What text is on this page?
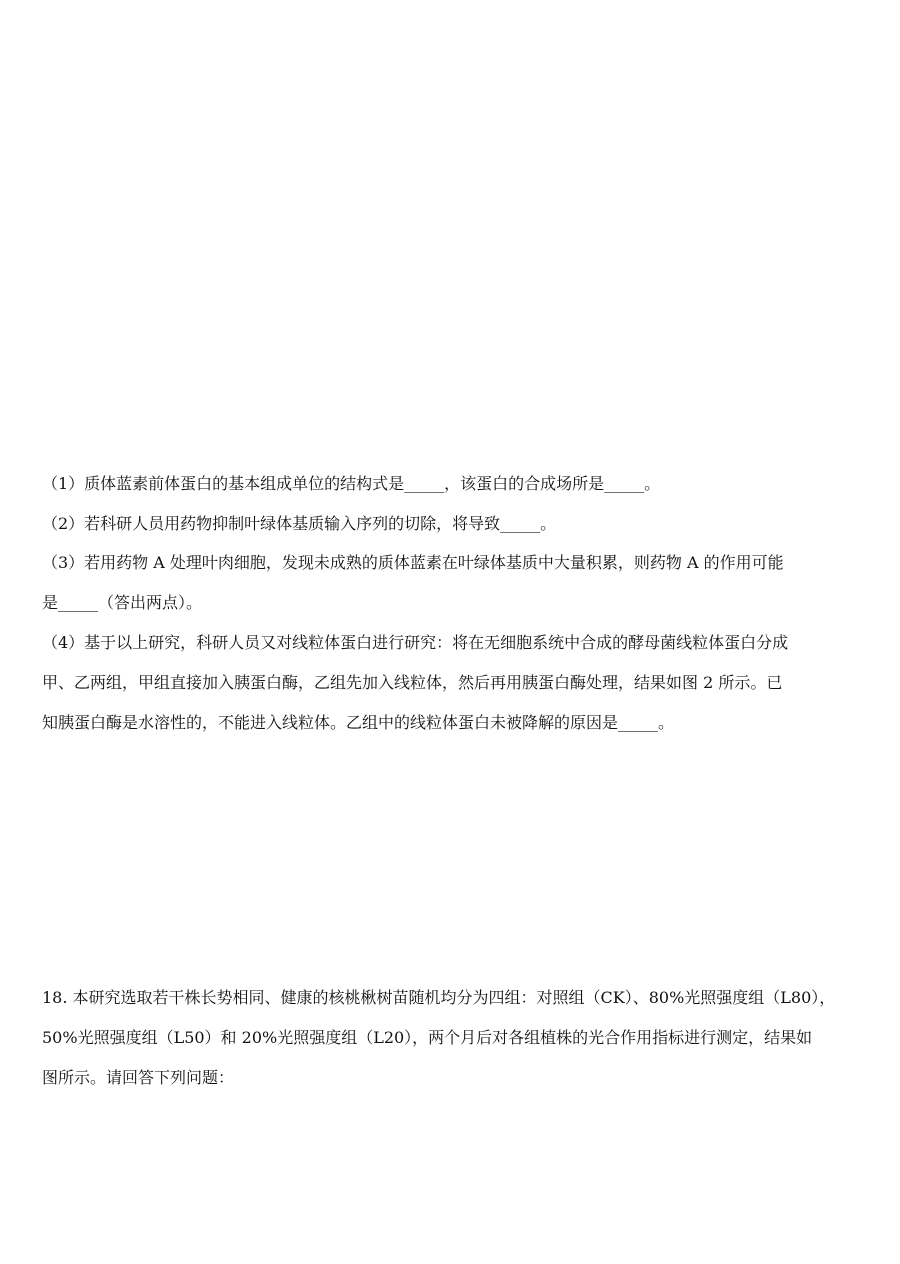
（1）质体蓝素前体蛋白的基本组成单位的结构式是_____，该蛋白的合成场所是_____。
（2）若科研人员用药物抑制叶绿体基质输入序列的切除，将导致_____。
（3）若用药物 A 处理叶肉细胞，发现未成熟的质体蓝素在叶绿体基质中大量积累，则药物 A 的作用可能
是_____（答出两点）。
（4）基于以上研究，科研人员又对线粒体蛋白进行研究：将在无细胞系统中合成的酵母菌线粒体蛋白分成
甲、乙两组，甲组直接加入胰蛋白酶，乙组先加入线粒体，然后再用胰蛋白酶处理，结果如图 2 所示。已
知胰蛋白酶是水溶性的，不能进入线粒体。乙组中的线粒体蛋白未被降解的原因是_____。
18. 本研究选取若干株长势相同、健康的核桃楸树苗随机均分为四组：对照组（CK）、80%光照强度组（L80），
50%光照强度组（L50）和 20%光照强度组（L20），两个月后对各组植株的光合作用指标进行测定，结果如
图所示。请回答下列问题：
